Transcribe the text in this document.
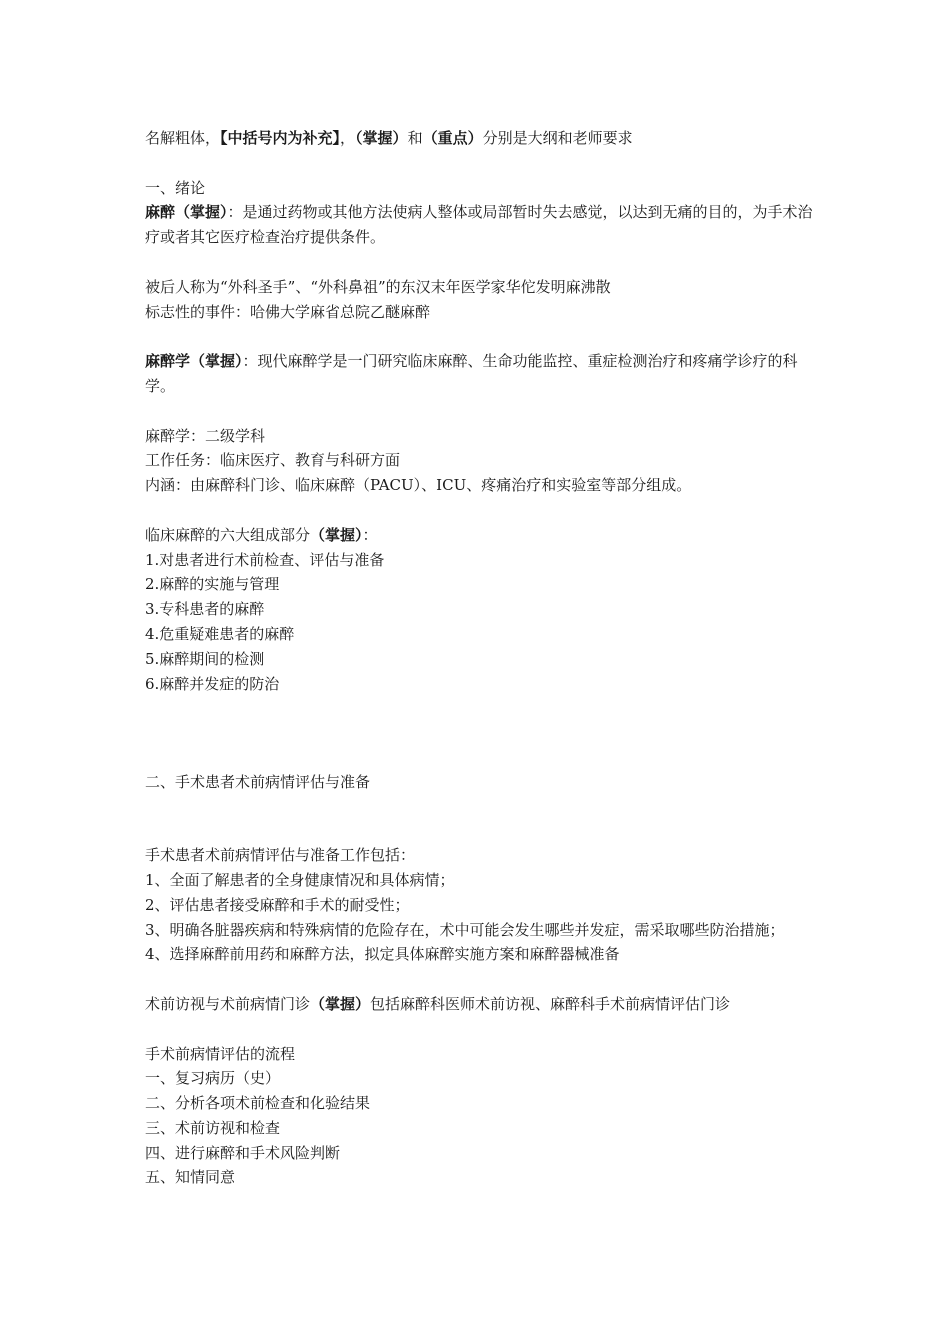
名解粗体，【中括号内为补充】，（掌握）和（重点）分别是大纲和老师要求

一、绪论

麻醉（掌握）：是通过药物或其他方法使病人整体或局部暂时失去感觉，以达到无痛的目的，为手术治疗或者其它医疗检查治疗提供条件。

被后人称为“外科圣手”、“外科鼻祖”的东汉末年医学家华佗发明麻沸散

标志性的事件：哈佛大学麻省总院乙醚麻醉

麻醉学（掌握）：现代麻醉学是一门研究临床麻醉、生命功能监控、重症检测治疗和疼痛学诊疗的科学。

麻醉学：二级学科

工作任务：临床医疗、教育与科研方面

内涵：由麻醉科门诊、临床麻醉（PACU）、ICU、疼痛治疗和实验室等部分组成。

临床麻醉的六大组成部分（掌握）：

1.对患者进行术前检查、评估与准备

2.麻醉的实施与管理

3.专科患者的麻醉

4.危重疑难患者的麻醉

5.麻醉期间的检测

6.麻醉并发症的防治

二、手术患者术前病情评估与准备

手术患者术前病情评估与准备工作包括：

1、全面了解患者的全身健康情况和具体病情；

2、评估患者接受麻醉和手术的耐受性；

3、明确各脏器疾病和特殊病情的危险存在，术中可能会发生哪些并发症，需采取哪些防治措施；

4、选择麻醉前用药和麻醉方法，拟定具体麻醉实施方案和麻醉器械准备

术前访视与术前病情门诊（掌握）包括麻醉科医师术前访视、麻醉科手术前病情评估门诊

手术前病情评估的流程

一、复习病历（史）

二、分析各项术前检查和化验结果

三、术前访视和检查

四、进行麻醉和手术风险判断

五、知情同意
